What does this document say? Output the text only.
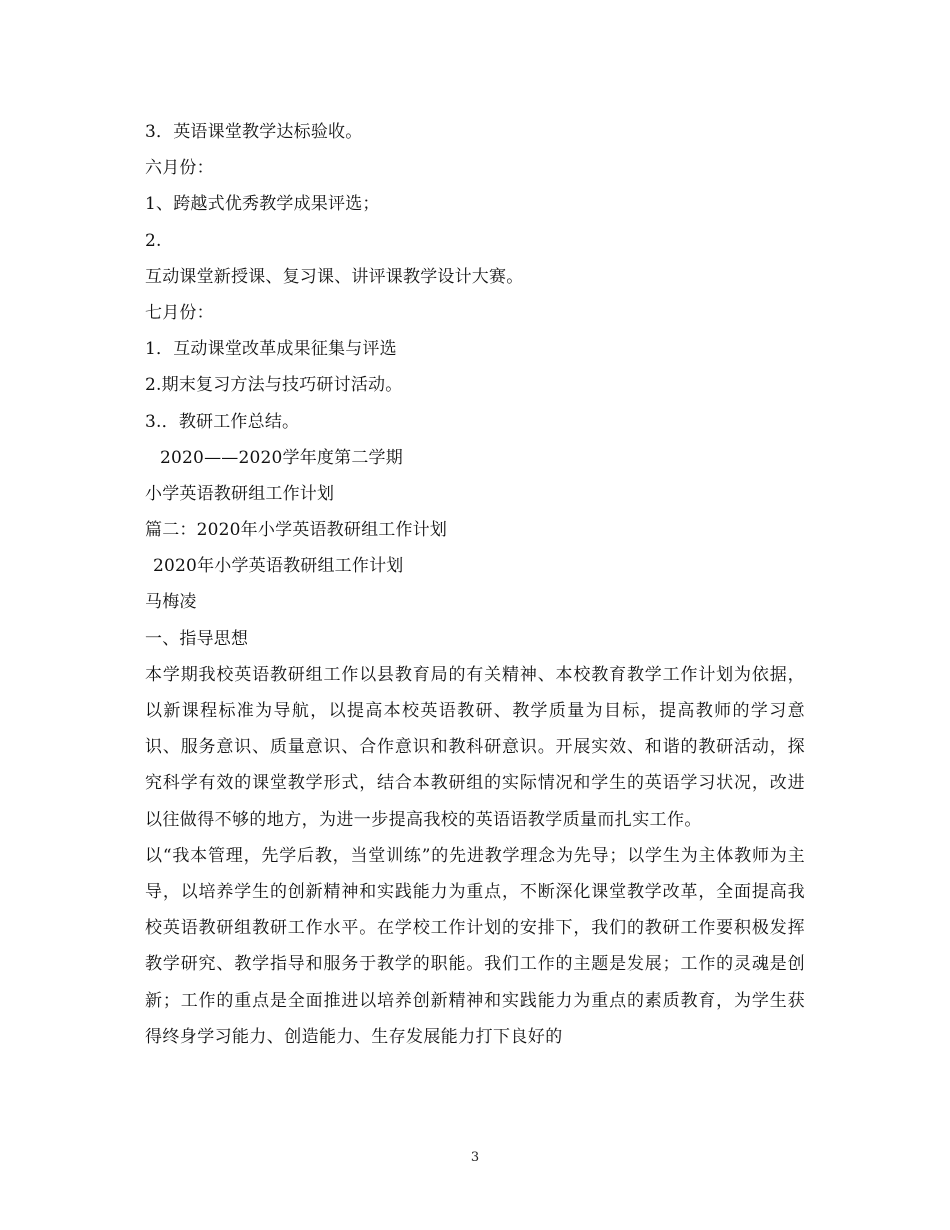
3．英语课堂教学达标验收。
六月份：
1、跨越式优秀教学成果评选；
2.
互动课堂新授课、复习课、讲评课教学设计大赛。
七月份：
1．互动课堂改革成果征集与评选
2.期末复习方法与技巧研讨活动。
3.．教研工作总结。
2020——2020学年度第二学期
小学英语教研组工作计划
篇二：2020年小学英语教研组工作计划
2020年小学英语教研组工作计划
马梅凌
一、指导思想
本学期我校英语教研组工作以县教育局的有关精神、本校教育教学工作计划为依据，以新课程标准为导航，以提高本校英语教研、教学质量为目标，提高教师的学习意识、服务意识、质量意识、合作意识和教科研意识。开展实效、和谐的教研活动，探究科学有效的课堂教学形式，结合本教研组的实际情况和学生的英语学习状况，改进以往做得不够的地方，为进一步提高我校的英语语教学质量而扎实工作。
以“我本管理，先学后教，当堂训练”的先进教学理念为先导；以学生为主体教师为主导，以培养学生的创新精神和实践能力为重点，不断深化课堂教学改革，全面提高我校英语教研组教研工作水平。在学校工作计划的安排下，我们的教研工作要积极发挥教学研究、教学指导和服务于教学的职能。我们工作的主题是发展；工作的灵魂是创新；工作的重点是全面推进以培养创新精神和实践能力为重点的素质教育，为学生获得终身学习能力、创造能力、生存发展能力打下良好的
3
